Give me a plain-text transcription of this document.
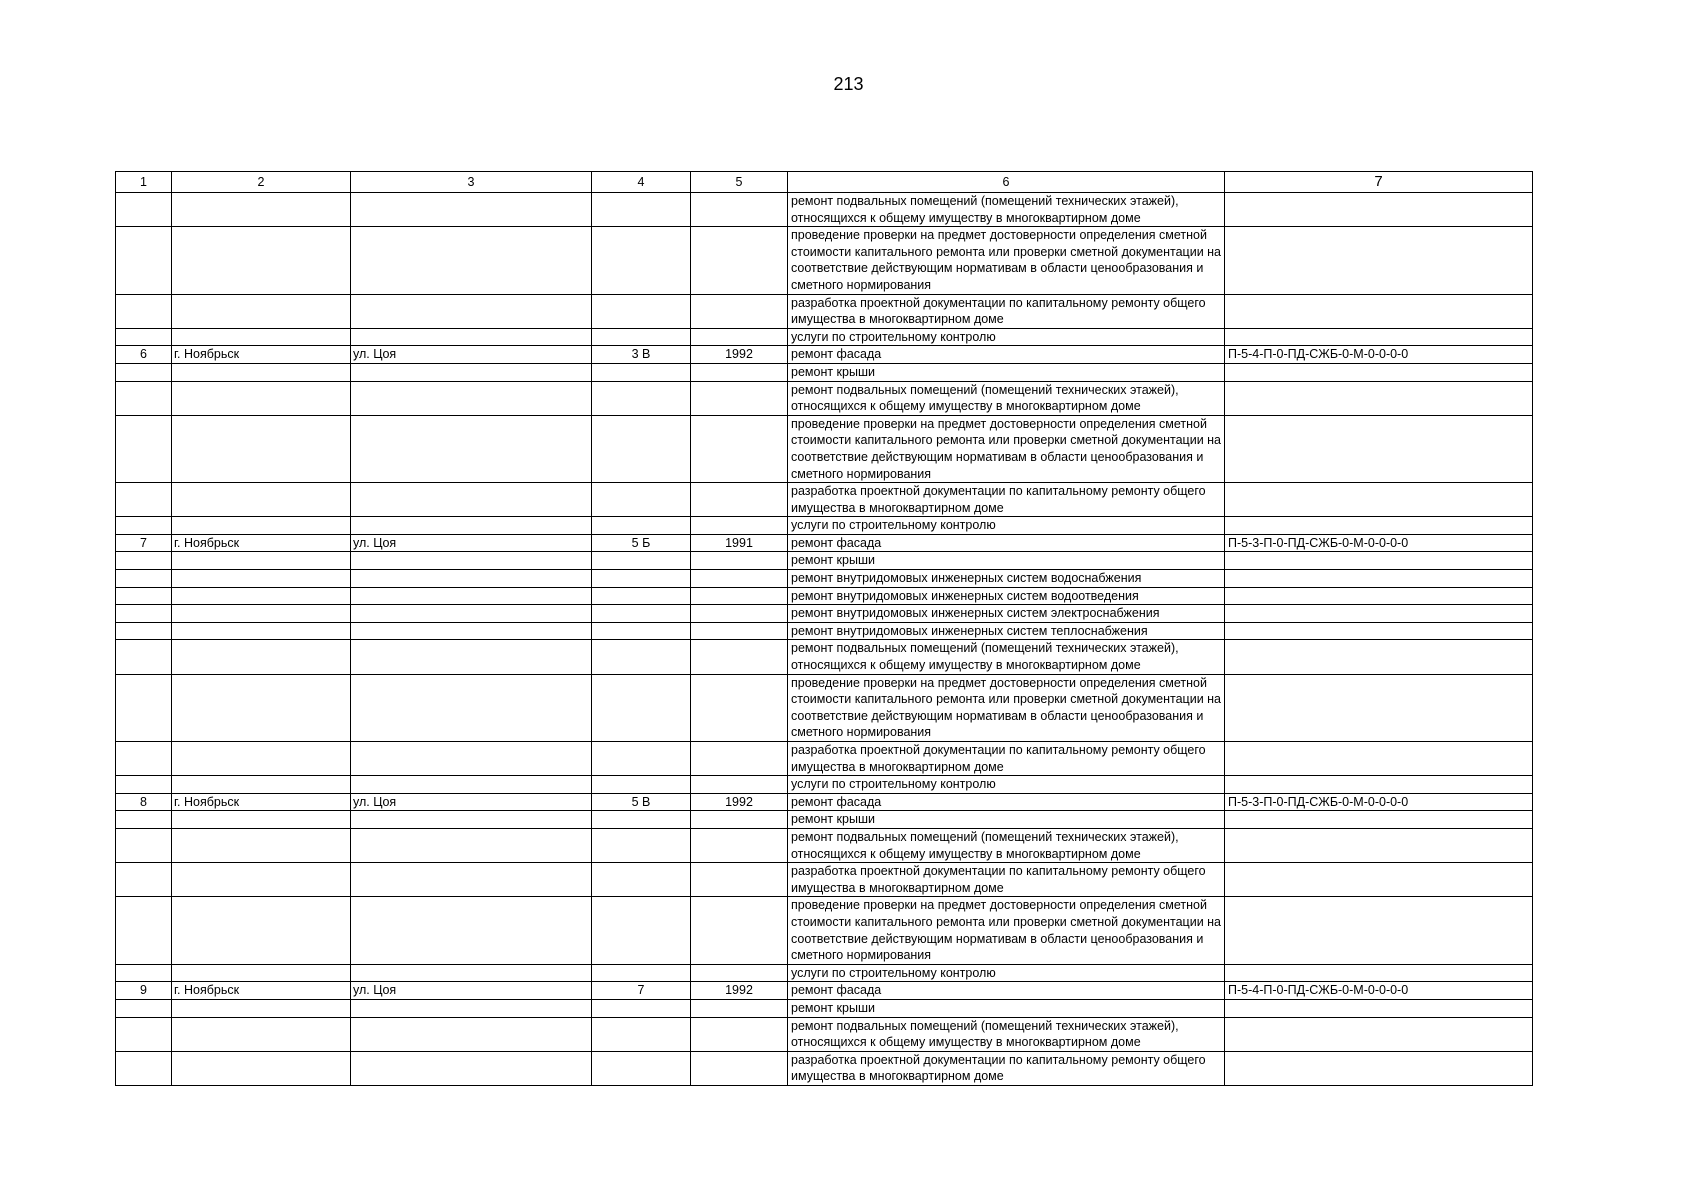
213
1	2	3	4	5	6	7
					ремонт подвальных помещений (помещений технических этажей), относящихся к общему имуществу в многоквартирном доме	
					проведение проверки на предмет достоверности определения сметной стоимости капитального ремонта или проверки сметной документации на соответствие действующим нормативам в области ценообразования и сметного нормирования	
					разработка проектной документации по капитальному ремонту общего имущества в многоквартирном доме	
					услуги по строительному контролю	
6	г. Ноябрьск	ул. Цоя	3 В	1992	ремонт фасада	П-5-4-П-0-ПД-СЖБ-0-М-0-0-0-0
					ремонт крыши	
					ремонт подвальных помещений (помещений технических этажей), относящихся к общему имуществу в многоквартирном доме	
					проведение проверки на предмет достоверности определения сметной стоимости капитального ремонта или проверки сметной документации на соответствие действующим нормативам в области ценообразования и сметного нормирования	
					разработка проектной документации по капитальному ремонту общего имущества в многоквартирном доме	
					услуги по строительному контролю	
7	г. Ноябрьск	ул. Цоя	5 Б	1991	ремонт фасада	П-5-3-П-0-ПД-СЖБ-0-М-0-0-0-0
					ремонт крыши	
					ремонт внутридомовых инженерных систем водоснабжения	
					ремонт внутридомовых инженерных систем водоотведения	
					ремонт внутридомовых инженерных систем электроснабжения	
					ремонт внутридомовых инженерных систем теплоснабжения	
					ремонт подвальных помещений (помещений технических этажей), относящихся к общему имуществу в многоквартирном доме	
					проведение проверки на предмет достоверности определения сметной стоимости капитального ремонта или проверки сметной документации на соответствие действующим нормативам в области ценообразования и сметного нормирования	
					разработка проектной документации по капитальному ремонту общего имущества в многоквартирном доме	
					услуги по строительному контролю	
8	г. Ноябрьск	ул. Цоя	5 В	1992	ремонт фасада	П-5-3-П-0-ПД-СЖБ-0-М-0-0-0-0
					ремонт крыши	
					ремонт подвальных помещений (помещений технических этажей), относящихся к общему имуществу в многоквартирном доме	
					разработка проектной документации по капитальному ремонту общего имущества в многоквартирном доме	
					проведение проверки на предмет достоверности определения сметной стоимости капитального ремонта или проверки сметной документации на соответствие действующим нормативам в области ценообразования и сметного нормирования	
					услуги по строительному контролю	
9	г. Ноябрьск	ул. Цоя	7	1992	ремонт фасада	П-5-4-П-0-ПД-СЖБ-0-М-0-0-0-0
					ремонт крыши	
					ремонт подвальных помещений (помещений технических этажей), относящихся к общему имуществу в многоквартирном доме	
					разработка проектной документации по капитальному ремонту общего имущества в многоквартирном доме	
